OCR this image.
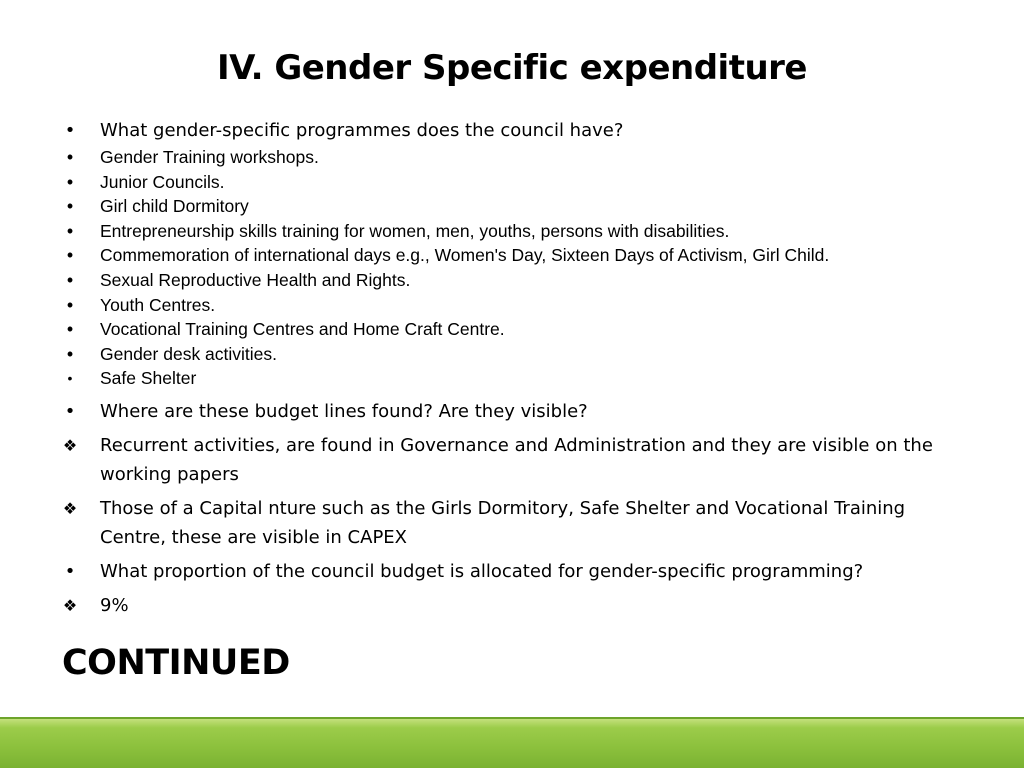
IV. Gender Specific expenditure
•	What gender-specific programmes does the council have?
•	Gender Training workshops.
•	Junior Councils.
•	Girl child Dormitory
•	Entrepreneurship skills training for women, men, youths, persons with disabilities.
•	Commemoration of international days e.g., Women's Day, Sixteen Days of Activism, Girl Child.
•	Sexual Reproductive Health and Rights.
•	Youth Centres.
•	Vocational Training Centres and Home Craft Centre.
•	Gender desk activities.
•	Safe Shelter
•	Where are these budget lines found? Are they visible?
❖	Recurrent activities, are found in Governance and Administration and they are visible on the working papers
❖	Those of a Capital nture such as the Girls Dormitory, Safe Shelter and Vocational Training Centre, these are visible in CAPEX
•	What proportion of the council budget is allocated for gender-specific programming?
❖	9%
CONTINUED
